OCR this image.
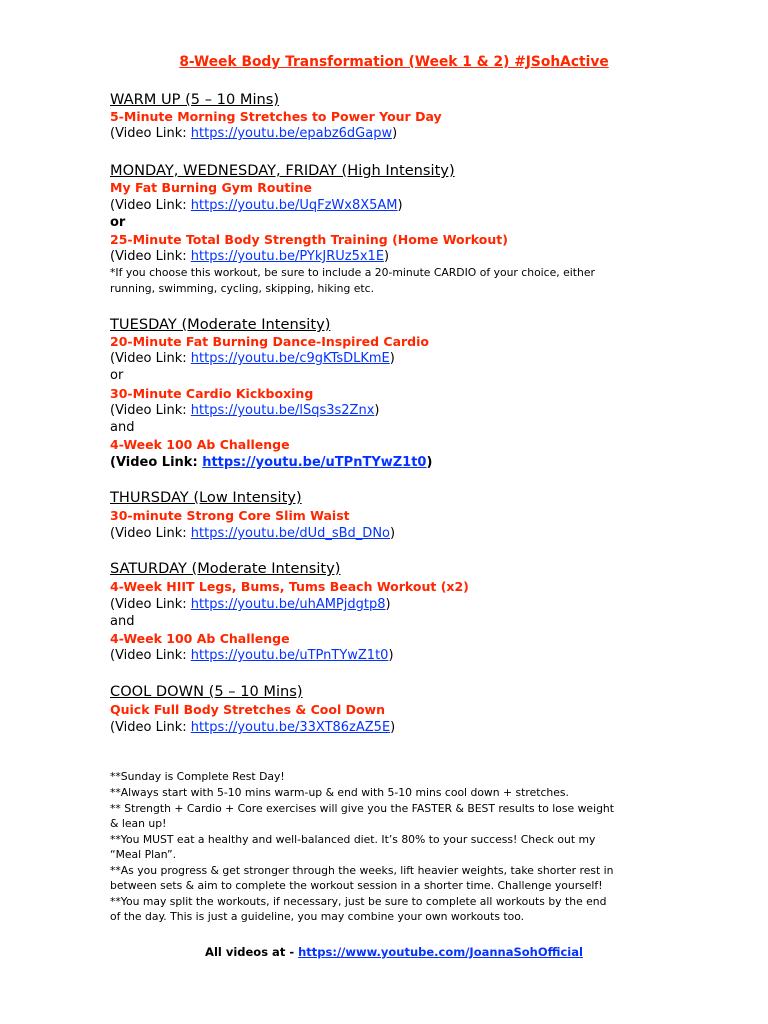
8-Week Body Transformation (Week 1 & 2) #JSohActive
WARM UP (5 – 10 Mins)
5-Minute Morning Stretches to Power Your Day
(Video Link: https://youtu.be/epabz6dGapw)
MONDAY, WEDNESDAY, FRIDAY (High Intensity)
My Fat Burning Gym Routine
(Video Link: https://youtu.be/UqFzWx8X5AM)
or
25-Minute Total Body Strength Training (Home Workout)
(Video Link: https://youtu.be/PYkJRUz5x1E)
*If you choose this workout, be sure to include a 20-minute CARDIO of your choice, either
running, swimming, cycling, skipping, hiking etc.
TUESDAY (Moderate Intensity)
20-Minute Fat Burning Dance-Inspired Cardio
(Video Link: https://youtu.be/c9gKTsDLKmE)
or
30-Minute Cardio Kickboxing
(Video Link: https://youtu.be/lSqs3s2Znx)
and
4-Week 100 Ab Challenge
(Video Link: https://youtu.be/uTPnTYwZ1t0)
THURSDAY (Low Intensity)
30-minute Strong Core Slim Waist
(Video Link: https://youtu.be/dUd_sBd_DNo)
SATURDAY (Moderate Intensity)
4-Week HIIT Legs, Bums, Tums Beach Workout (x2)
(Video Link: https://youtu.be/uhAMPjdgtp8)
and
4-Week 100 Ab Challenge
(Video Link: https://youtu.be/uTPnTYwZ1t0)
COOL DOWN (5 – 10 Mins)
Quick Full Body Stretches & Cool Down
(Video Link: https://youtu.be/33XT86zAZ5E)
**Sunday is Complete Rest Day!
**Always start with 5-10 mins warm-up & end with 5-10 mins cool down + stretches.
** Strength + Cardio + Core exercises will give you the FASTER & BEST results to lose weight
& lean up!
**You MUST eat a healthy and well-balanced diet. It’s 80% to your success! Check out my
“Meal Plan”.
**As you progress & get stronger through the weeks, lift heavier weights, take shorter rest in
between sets & aim to complete the workout session in a shorter time. Challenge yourself!
**You may split the workouts, if necessary, just be sure to complete all workouts by the end
of the day. This is just a guideline, you may combine your own workouts too.
All videos at - https://www.youtube.com/JoannaSohOfficial
